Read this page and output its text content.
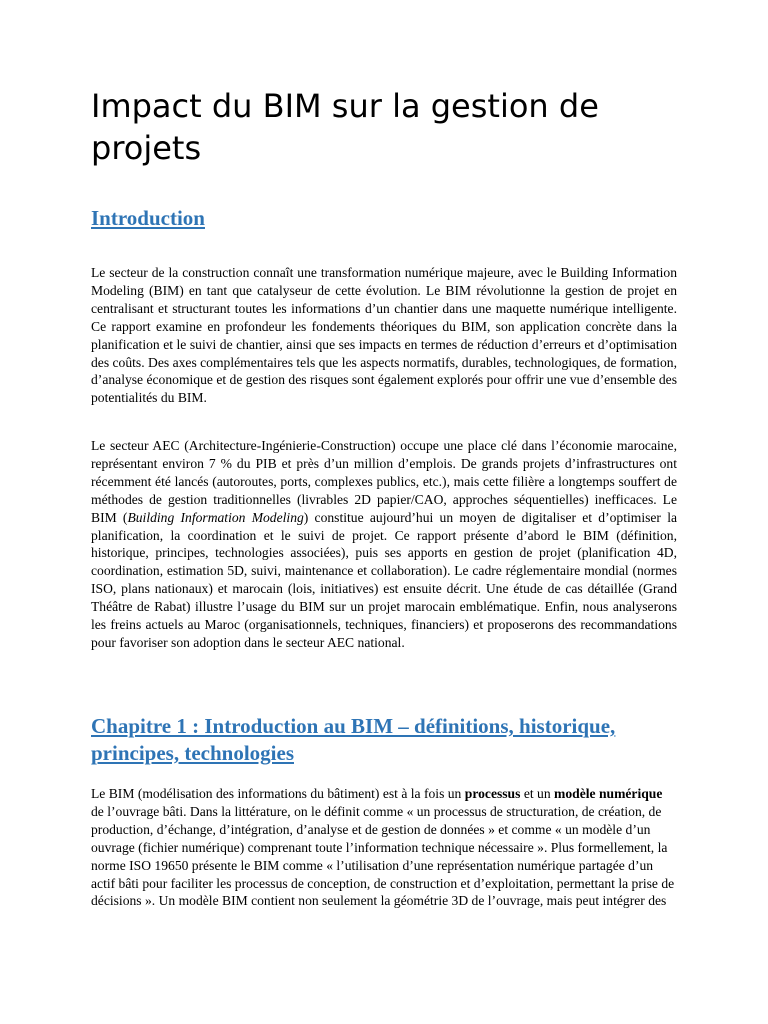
Impact du BIM sur la gestion de projets
Introduction

Le secteur de la construction connaît une transformation numérique majeure, avec le Building Information Modeling (BIM) en tant que catalyseur de cette évolution. Le BIM révolutionne la gestion de projet en centralisant et structurant toutes les informations d’un chantier dans une maquette numérique intelligente. Ce rapport examine en profondeur les fondements théoriques du BIM, son application concrète dans la planification et le suivi de chantier, ainsi que ses impacts en termes de réduction d’erreurs et d’optimisation des coûts. Des axes complémentaires tels que les aspects normatifs, durables, technologiques, de formation, d’analyse économique et de gestion des risques sont également explorés pour offrir une vue d’ensemble des potentialités du BIM.

Le secteur AEC (Architecture-Ingénierie-Construction) occupe une place clé dans l’économie marocaine, représentant environ 7 % du PIB et près d’un million d’emplois. De grands projets d’infrastructures ont récemment été lancés (autoroutes, ports, complexes publics, etc.), mais cette filière a longtemps souffert de méthodes de gestion traditionnelles (livrables 2D papier/CAO, approches séquentielles) inefficaces. Le BIM (Building Information Modeling) constitue aujourd’hui un moyen de digitaliser et d’optimiser la planification, la coordination et le suivi de projet. Ce rapport présente d’abord le BIM (définition, historique, principes, technologies associées), puis ses apports en gestion de projet (planification 4D, coordination, estimation 5D, suivi, maintenance et collaboration). Le cadre réglementaire mondial (normes ISO, plans nationaux) et marocain (lois, initiatives) est ensuite décrit. Une étude de cas détaillée (Grand Théâtre de Rabat) illustre l’usage du BIM sur un projet marocain emblématique. Enfin, nous analyserons les freins actuels au Maroc (organisationnels, techniques, financiers) et proposerons des recommandations pour favoriser son adoption dans le secteur AEC national.

Chapitre 1 : Introduction au BIM – définitions, historique, principes, technologies

Le BIM (modélisation des informations du bâtiment) est à la fois un processus et un modèle numérique de l’ouvrage bâti. Dans la littérature, on le définit comme « un processus de structuration, de création, de production, d’échange, d’intégration, d’analyse et de gestion de données » et comme « un modèle d’un ouvrage (fichier numérique) comprenant toute l’information technique nécessaire ». Plus formellement, la norme ISO 19650 présente le BIM comme « l’utilisation d’une représentation numérique partagée d’un actif bâti pour faciliter les processus de conception, de construction et d’exploitation, permettant la prise de décisions ». Un modèle BIM contient non seulement la géométrie 3D de l’ouvrage, mais peut intégrer des
